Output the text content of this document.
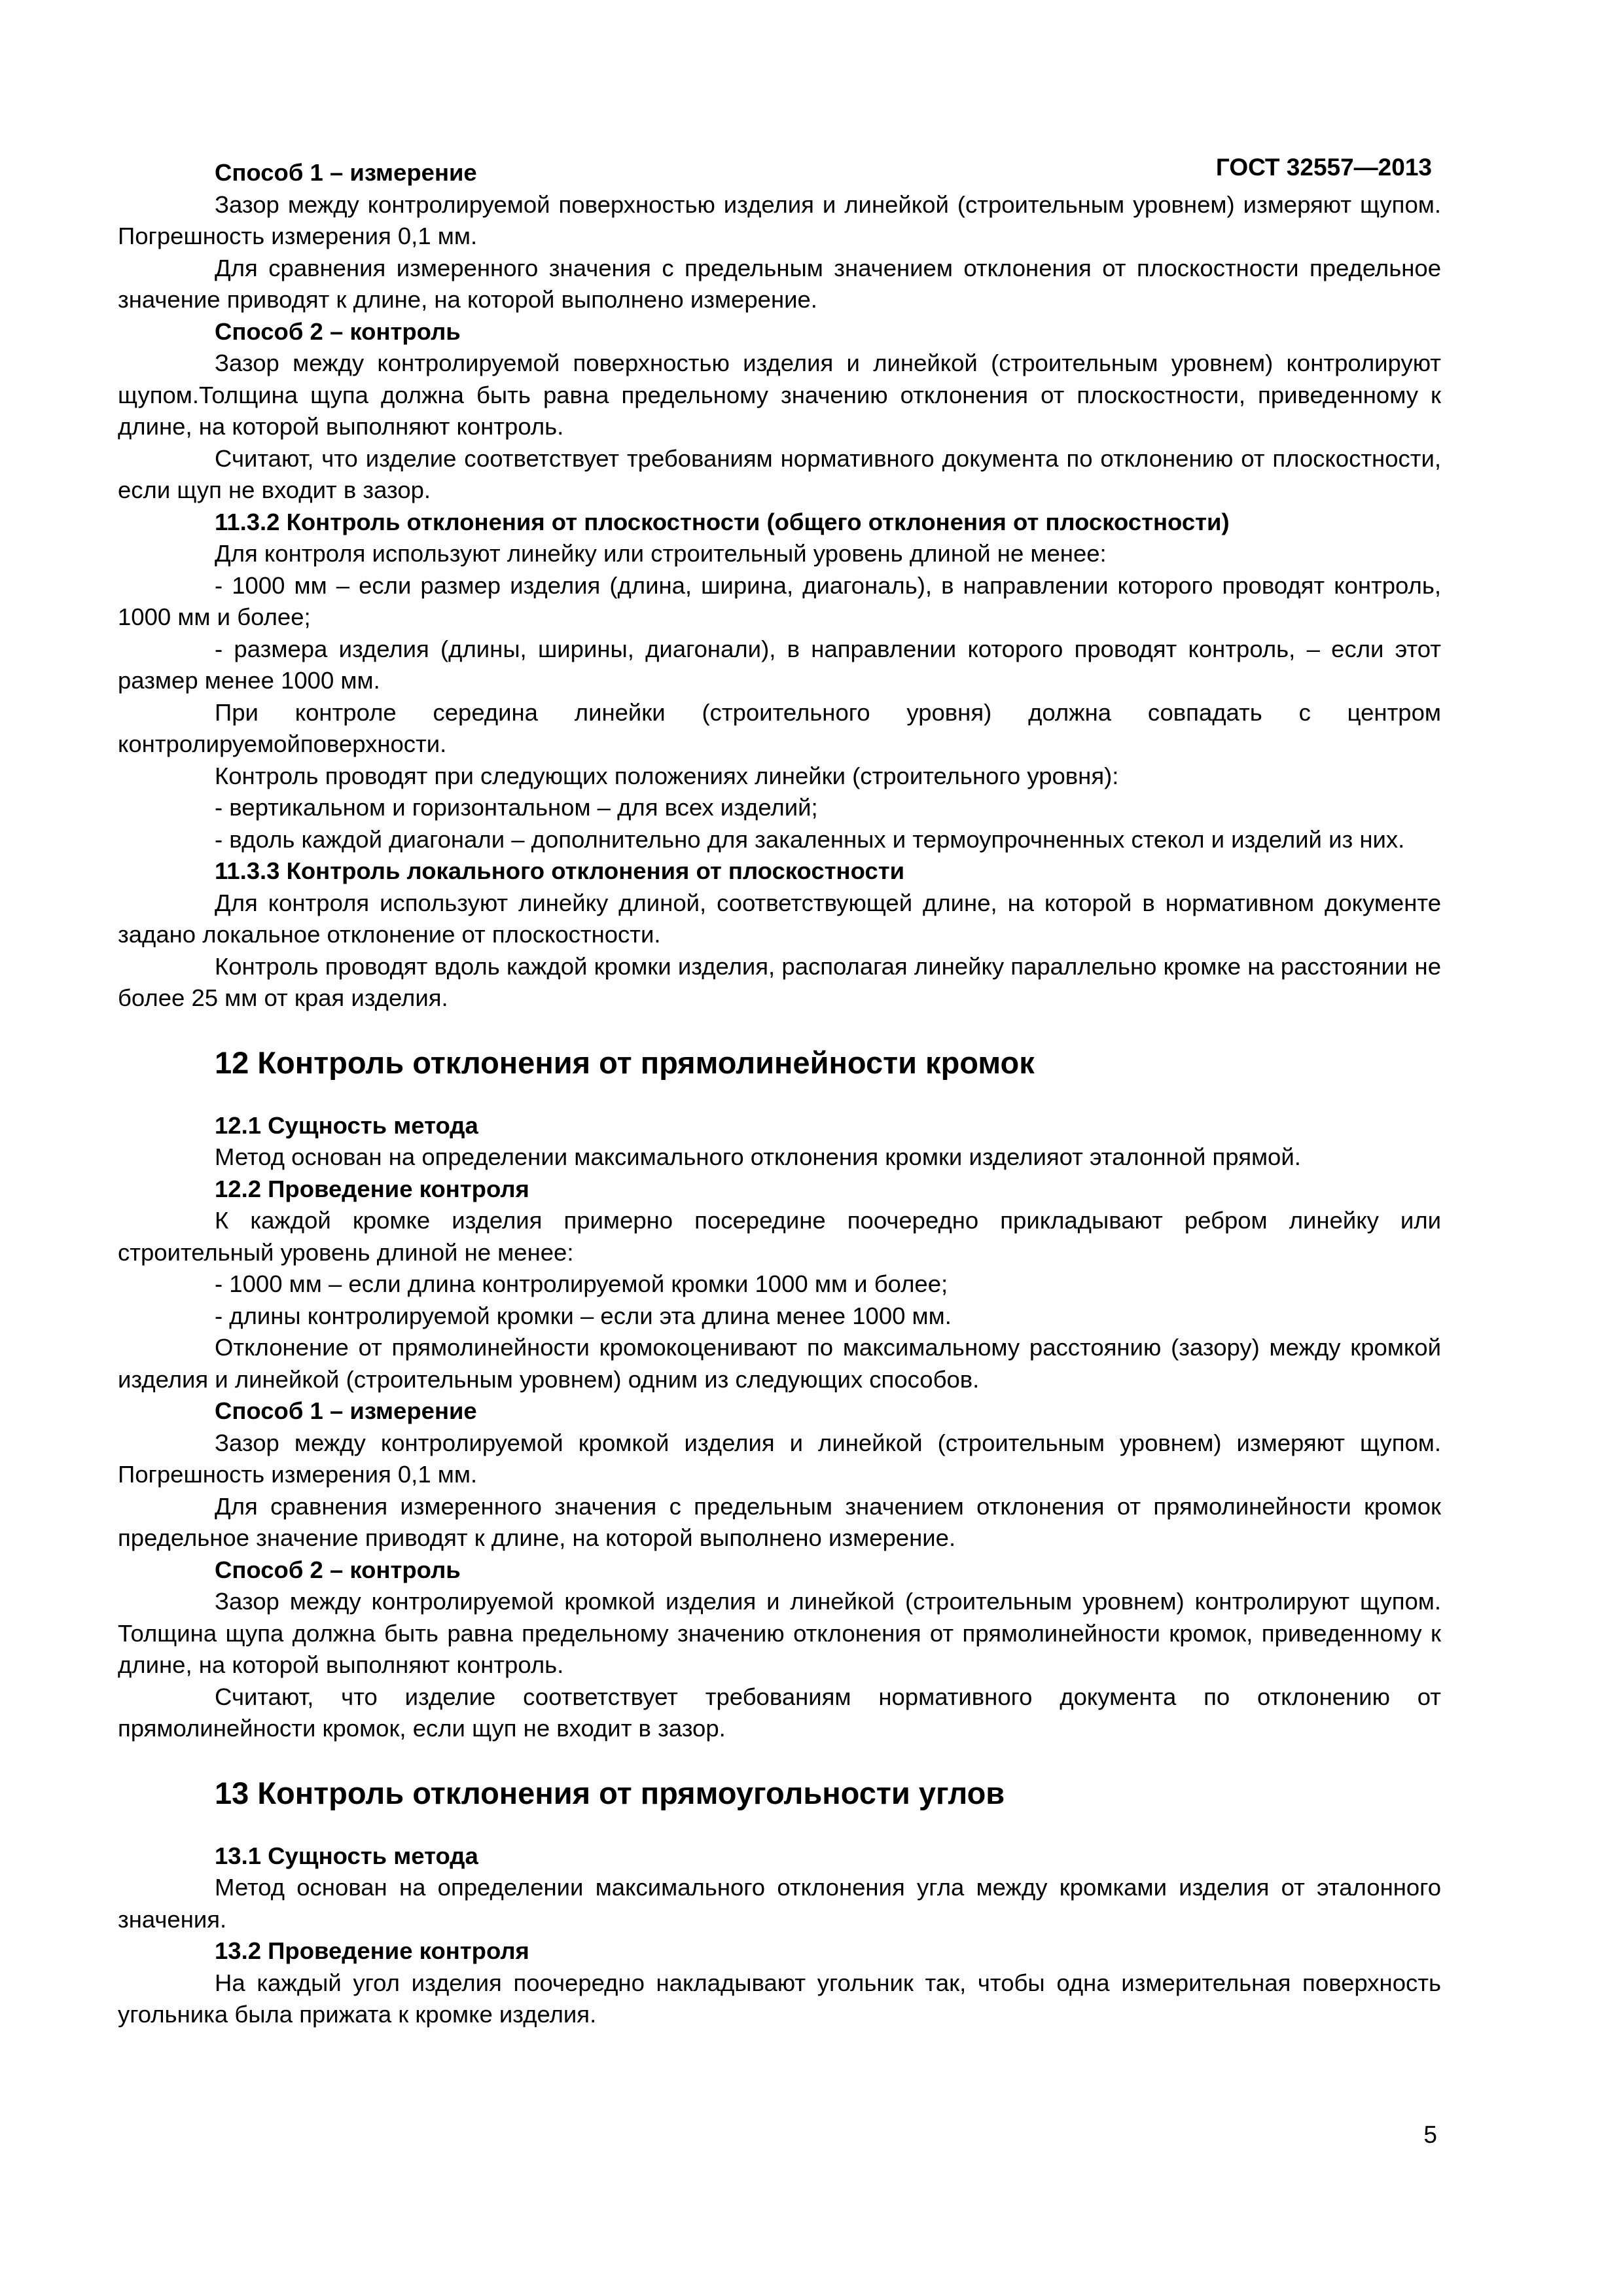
ГОСТ 32557—2013

Способ 1 – измерение

Зазор между контролируемой поверхностью изделия и линейкой (строительным уровнем) измеряют щупом. Погрешность измерения 0,1 мм.

Для сравнения измеренного значения с предельным значением отклонения от плоскостности предельное значение приводят к длине, на которой выполнено измерение.

Способ 2 – контроль

Зазор между контролируемой поверхностью изделия и линейкой (строительным уровнем) контролируют щупом.Толщина щупа должна быть равна предельному значению отклонения от плоскостности, приведенному к длине, на которой выполняют контроль.

Считают, что изделие соответствует требованиям нормативного документа по отклонению от плоскостности, если щуп не входит в зазор.

11.3.2 Контроль отклонения от плоскостности (общего отклонения от плоскостности)

Для контроля используют линейку или строительный уровень длиной не менее:

- 1000 мм – если размер изделия (длина, ширина, диагональ), в направлении которого проводят контроль, 1000 мм и более;

- размера изделия (длины, ширины, диагонали), в направлении которого проводят контроль, – если этот размер менее 1000 мм.

При контроле середина линейки (строительного уровня) должна совпадать с центром контролируемойповерхности.

Контроль проводят при следующих положениях линейки (строительного уровня):

- вертикальном и горизонтальном – для всех изделий;

- вдоль каждой диагонали – дополнительно для закаленных и термоупрочненных стекол и изделий из них.

11.3.3 Контроль локального отклонения от плоскостности

Для контроля используют линейку длиной, соответствующей длине, на которой в нормативном документе задано локальное отклонение от плоскостности.

Контроль проводят вдоль каждой кромки изделия, располагая линейку параллельно кромке на расстоянии не более 25 мм от края изделия.

12 Контроль отклонения от прямолинейности кромок

12.1 Сущность метода

Метод основан на определении максимального отклонения кромки изделияот эталонной прямой.

12.2 Проведение контроля

К каждой кромке изделия примерно посередине поочередно прикладывают ребром линейку или строительный уровень длиной не менее:

- 1000 мм – если длина контролируемой кромки 1000 мм и более;

- длины контролируемой кромки – если эта длина менее 1000 мм.

Отклонение от прямолинейности кромокоценивают по максимальному расстоянию (зазору) между кромкой изделия и линейкой (строительным уровнем) одним из следующих способов.

Способ 1 – измерение

Зазор между контролируемой кромкой изделия и линейкой (строительным уровнем) измеряют щупом. Погрешность измерения 0,1 мм.

Для сравнения измеренного значения с предельным значением отклонения от прямолинейности кромок предельное значение приводят к длине, на которой выполнено измерение.

Способ 2 – контроль

Зазор между контролируемой кромкой изделия и линейкой (строительным уровнем) контролируют щупом. Толщина щупа должна быть равна предельному значению отклонения от прямолинейности кромок, приведенному к длине, на которой выполняют контроль.

Считают, что изделие соответствует требованиям нормативного документа по отклонению от прямолинейности кромок, если щуп не входит в зазор.

13 Контроль отклонения от прямоугольности углов

13.1 Сущность метода

Метод основан на определении максимального отклонения угла между кромками изделия от эталонного значения.

13.2 Проведение контроля

На каждый угол изделия поочередно накладывают угольник так, чтобы одна измерительная поверхность угольника была прижата к кромке изделия.

5
